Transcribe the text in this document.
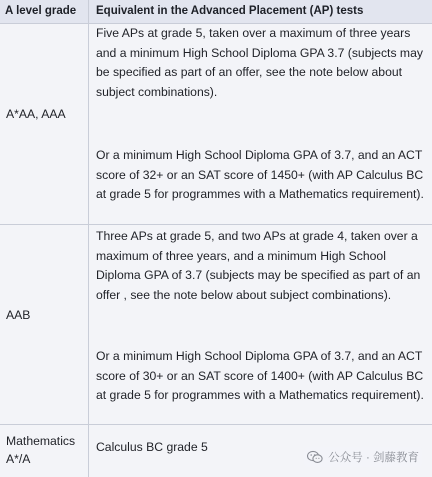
A level grade Equivalent in the Advanced Placement (AP) tests
A*AA, AAA
Five APs at grade 5, taken over a maximum of three years and a minimum High School Diploma GPA 3.7 (subjects may be specified as part of an offer, see the note below about subject combinations).
Or a minimum High School Diploma GPA of 3.7, and an ACT score of 32+ or an SAT score of 1450+ (with AP Calculus BC at grade 5 for programmes with a Mathematics requirement).
AAB
Three APs at grade 5, and two APs at grade 4, taken over a maximum of three years, and a minimum High School Diploma GPA of 3.7 (subjects may be specified as part of an offer , see the note below about subject combinations).
Or a minimum High School Diploma GPA of 3.7, and an ACT score of 30+ or an SAT score of 1400+ (with AP Calculus BC at grade 5 for programmes with a Mathematics requirement).
Mathematics A*/A
Calculus BC grade 5
公众号 · 剑藤教育
